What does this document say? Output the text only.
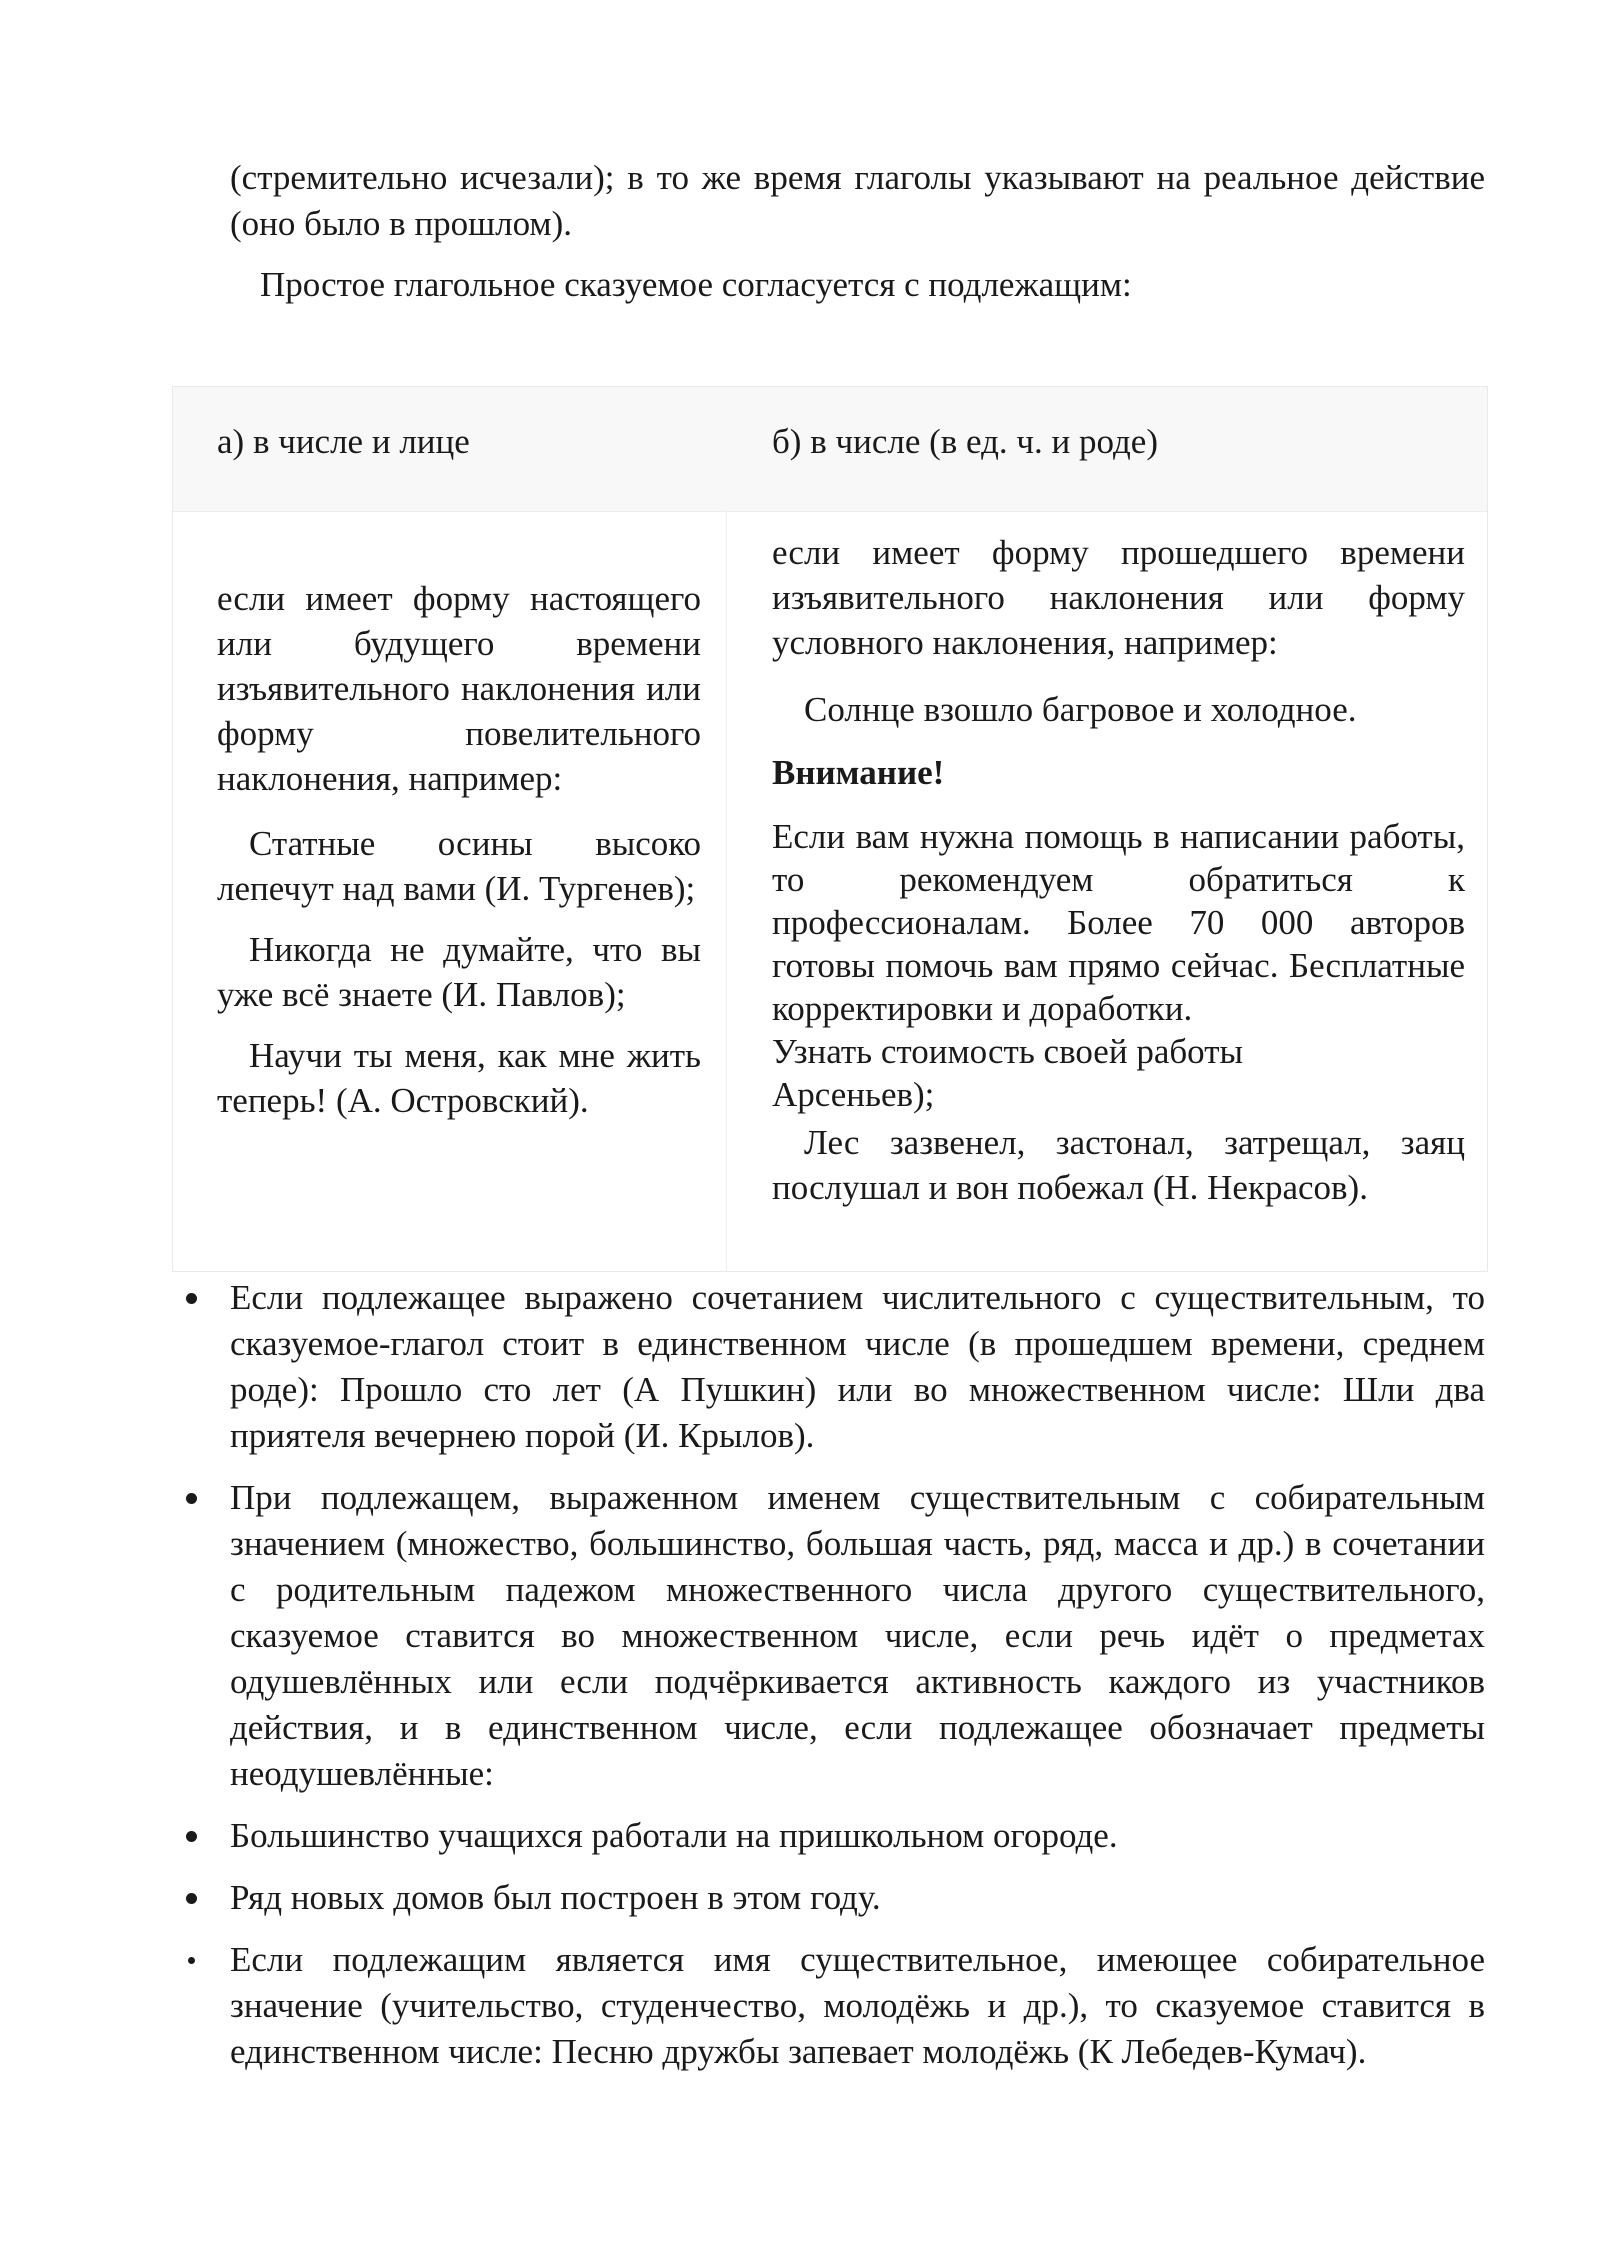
(стремительно исчезали); в то же время глаголы указывают на реальное действие (оно было в прошлом).

Простое глагольное сказуемое согласуется с подлежащим:

а) в числе и лице	б) в числе (в ед. ч. и роде)

если имеет форму настоящего или будущего времени изъявительного наклонения или форму повелительного наклонения, например:

Статные осины высоко лепечут над вами (И. Тургенев);

Никогда не думайте, что вы уже всё знаете (И. Павлов);

Научи ты меня, как мне жить теперь! (А. Островский).

если имеет форму прошедшего времени изъявительного наклонения или форму условного наклонения, например:

Солнце взошло багровое и холодное.

Внимание!

Если вам нужна помощь в написании работы, то рекомендуем обратиться к профессионалам. Более 70 000 авторов готовы помочь вам прямо сейчас. Бесплатные корректировки и доработки.

Узнать стоимость своей работы

Арсеньев);

Лес зазвенел, застонал, затрещал, заяц послушал и вон побежал (Н. Некрасов).

Если подлежащее выражено сочетанием числительного с существительным, то сказуемое-глагол стоит в единственном числе (в прошедшем времени, среднем роде): Прошло сто лет (А Пушкин) или во множественном числе: Шли два приятеля вечернею порой (И. Крылов).

При подлежащем, выраженном именем существительным с собирательным значением (множество, большинство, большая часть, ряд, масса и др.) в сочетании с родительным падежом множественного числа другого существительного, сказуемое ставится во множественном числе, если речь идёт о предметах одушевлённых или если подчёркивается активность каждого из участников действия, и в единственном числе, если подлежащее обозначает предметы неодушевлённые:

Большинство учащихся работали на пришкольном огороде.

Ряд новых домов был построен в этом году.

Если подлежащим является имя существительное, имеющее собирательное значение (учительство, студенчество, молодёжь и др.), то сказуемое ставится в единственном числе: Песню дружбы запевает молодёжь (К Лебедев-Кумач).
